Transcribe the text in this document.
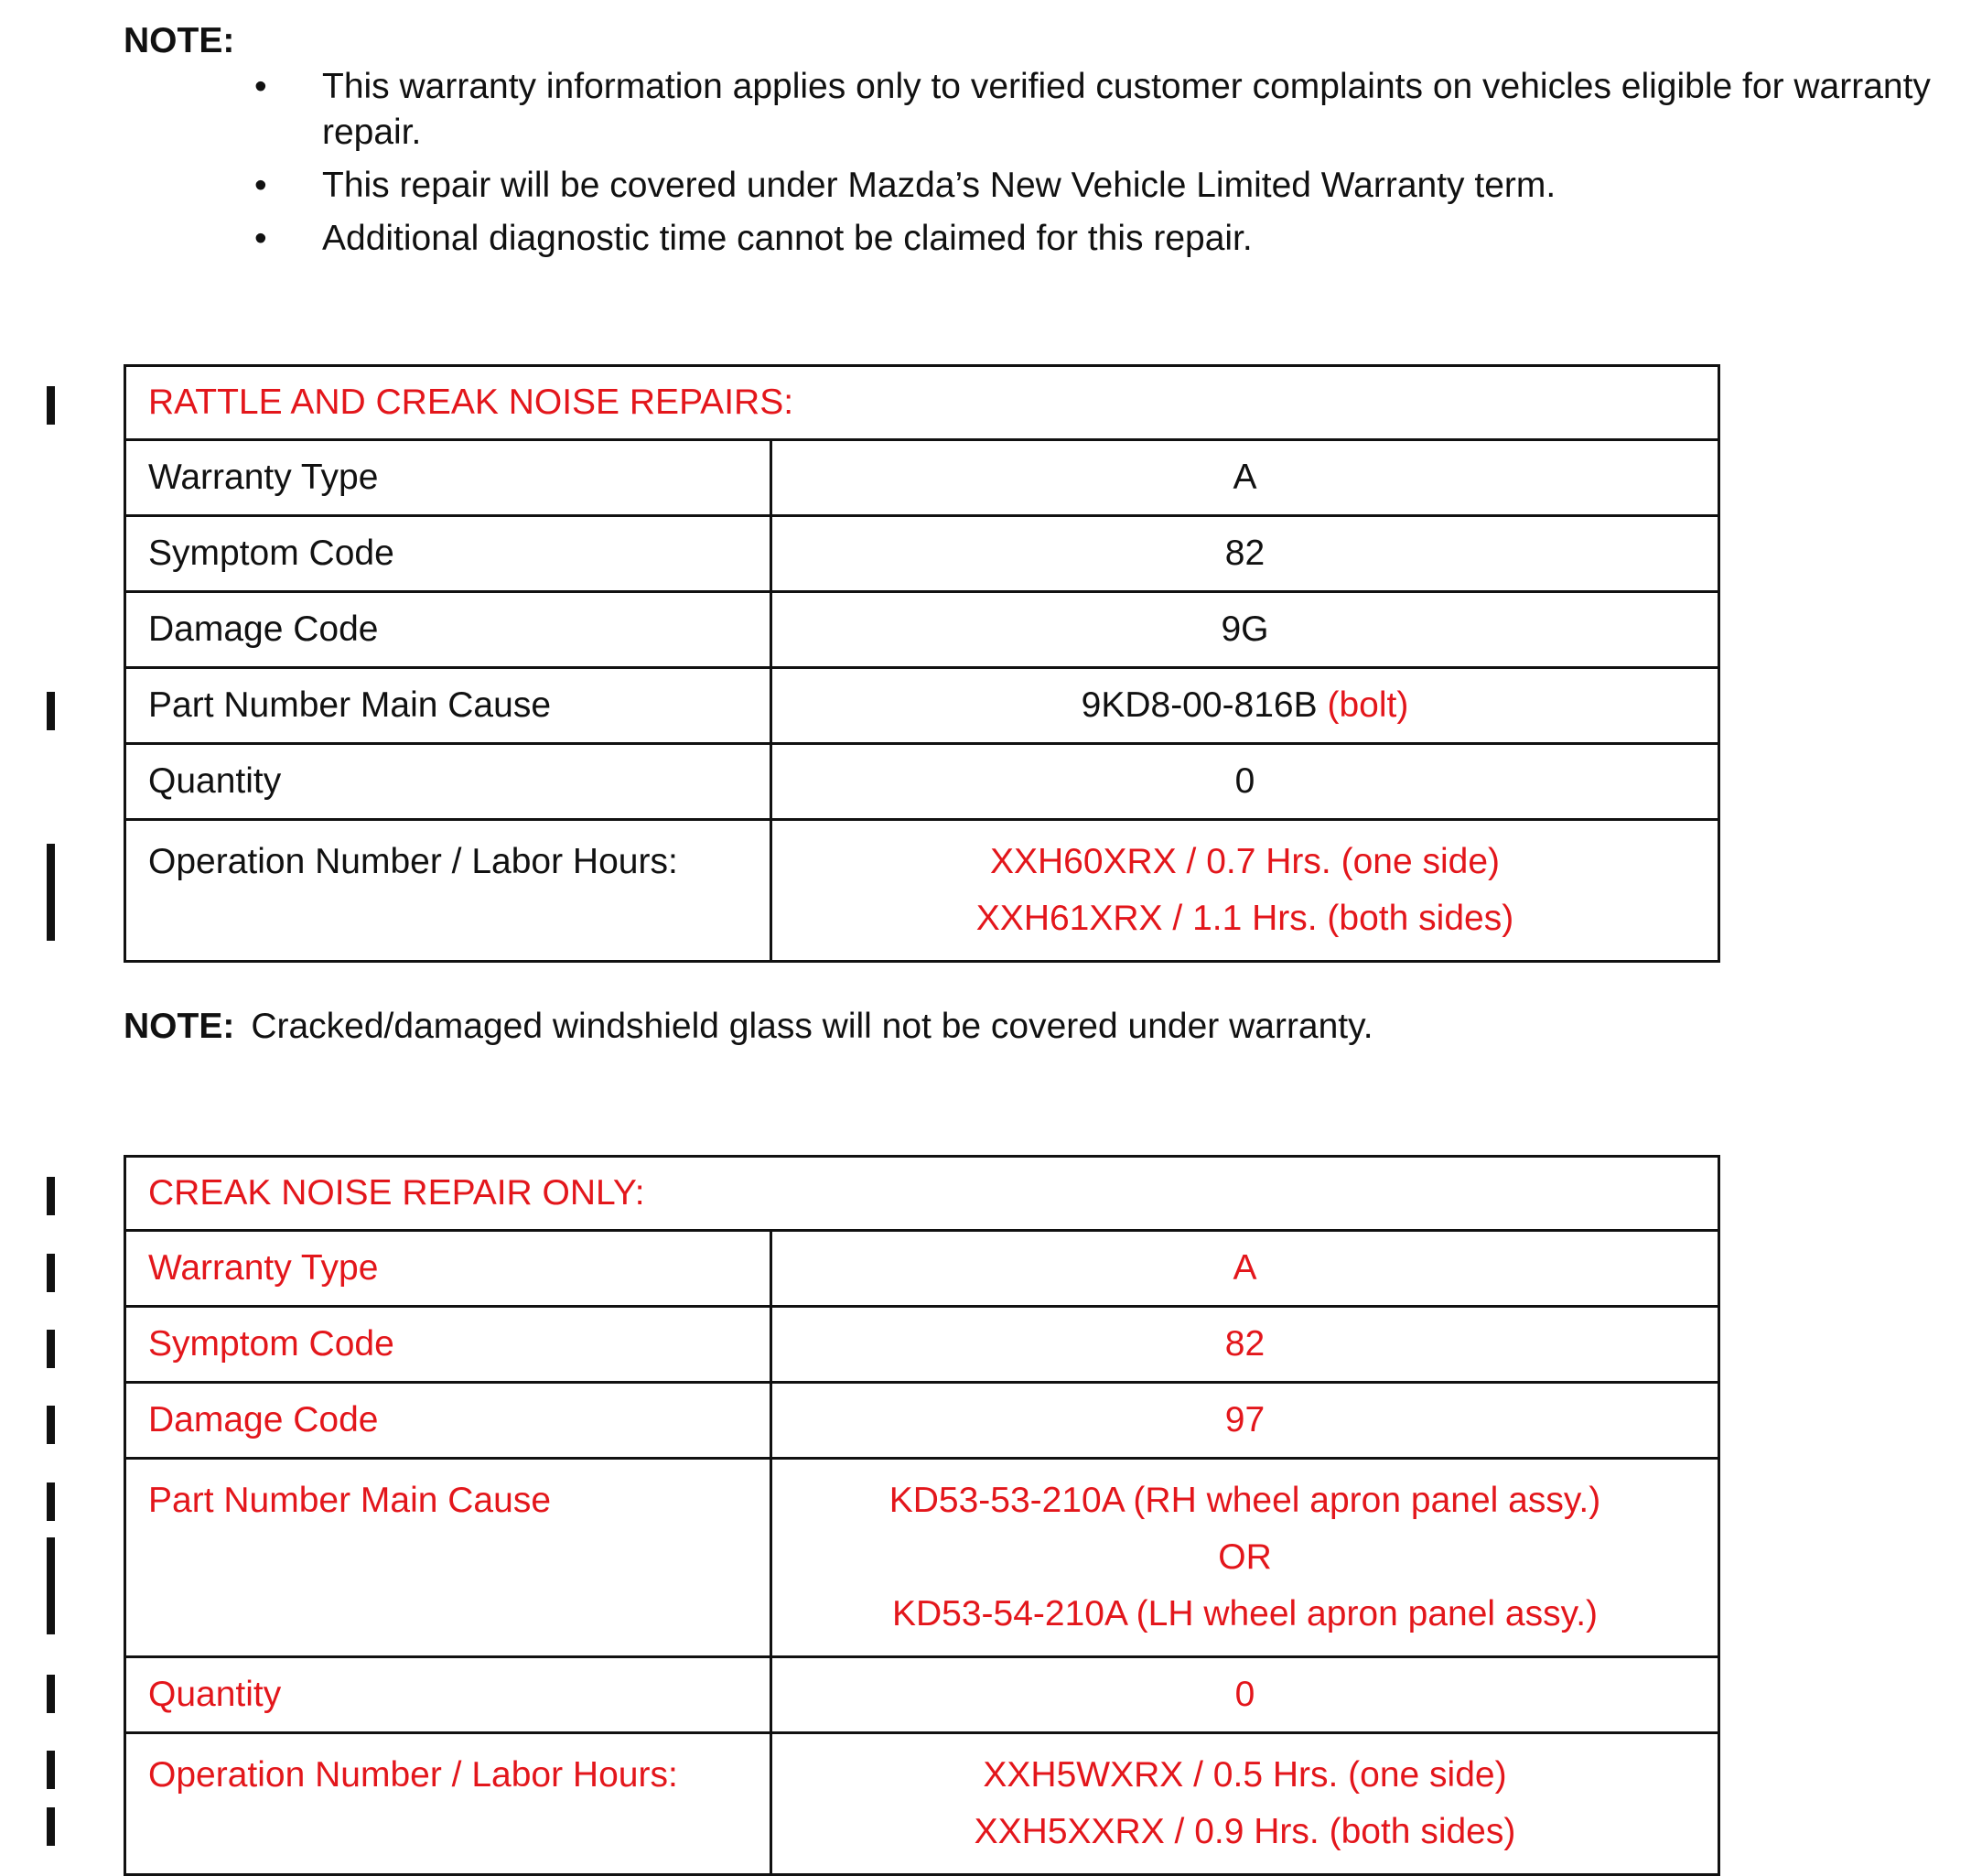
NOTE:
• This warranty information applies only to verified customer complaints on vehicles eligible for warranty repair.
• This repair will be covered under Mazda’s New Vehicle Limited Warranty term.
• Additional diagnostic time cannot be claimed for this repair.
RATTLE AND CREAK NOISE REPAIRS:	
Warranty Type	A
Symptom Code	82
Damage Code	9G
Part Number Main Cause	9KD8-00-816B (bolt)
Quantity	0
Operation Number / Labor Hours:	XXH60XRX / 0.7 Hrs. (one side)
XXH61XRX / 1.1 Hrs. (both sides)
NOTE: Cracked/damaged windshield glass will not be covered under warranty.
CREAK NOISE REPAIR ONLY:	
Warranty Type	A
Symptom Code	82
Damage Code	97
Part Number Main Cause	KD53-53-210A (RH wheel apron panel assy.)
OR
KD53-54-210A (LH wheel apron panel assy.)

Quantity	0
Operation Number / Labor Hours:	XXH5WXRX / 0.5 Hrs. (one side)
XXH5XXRX / 0.9 Hrs. (both sides)
